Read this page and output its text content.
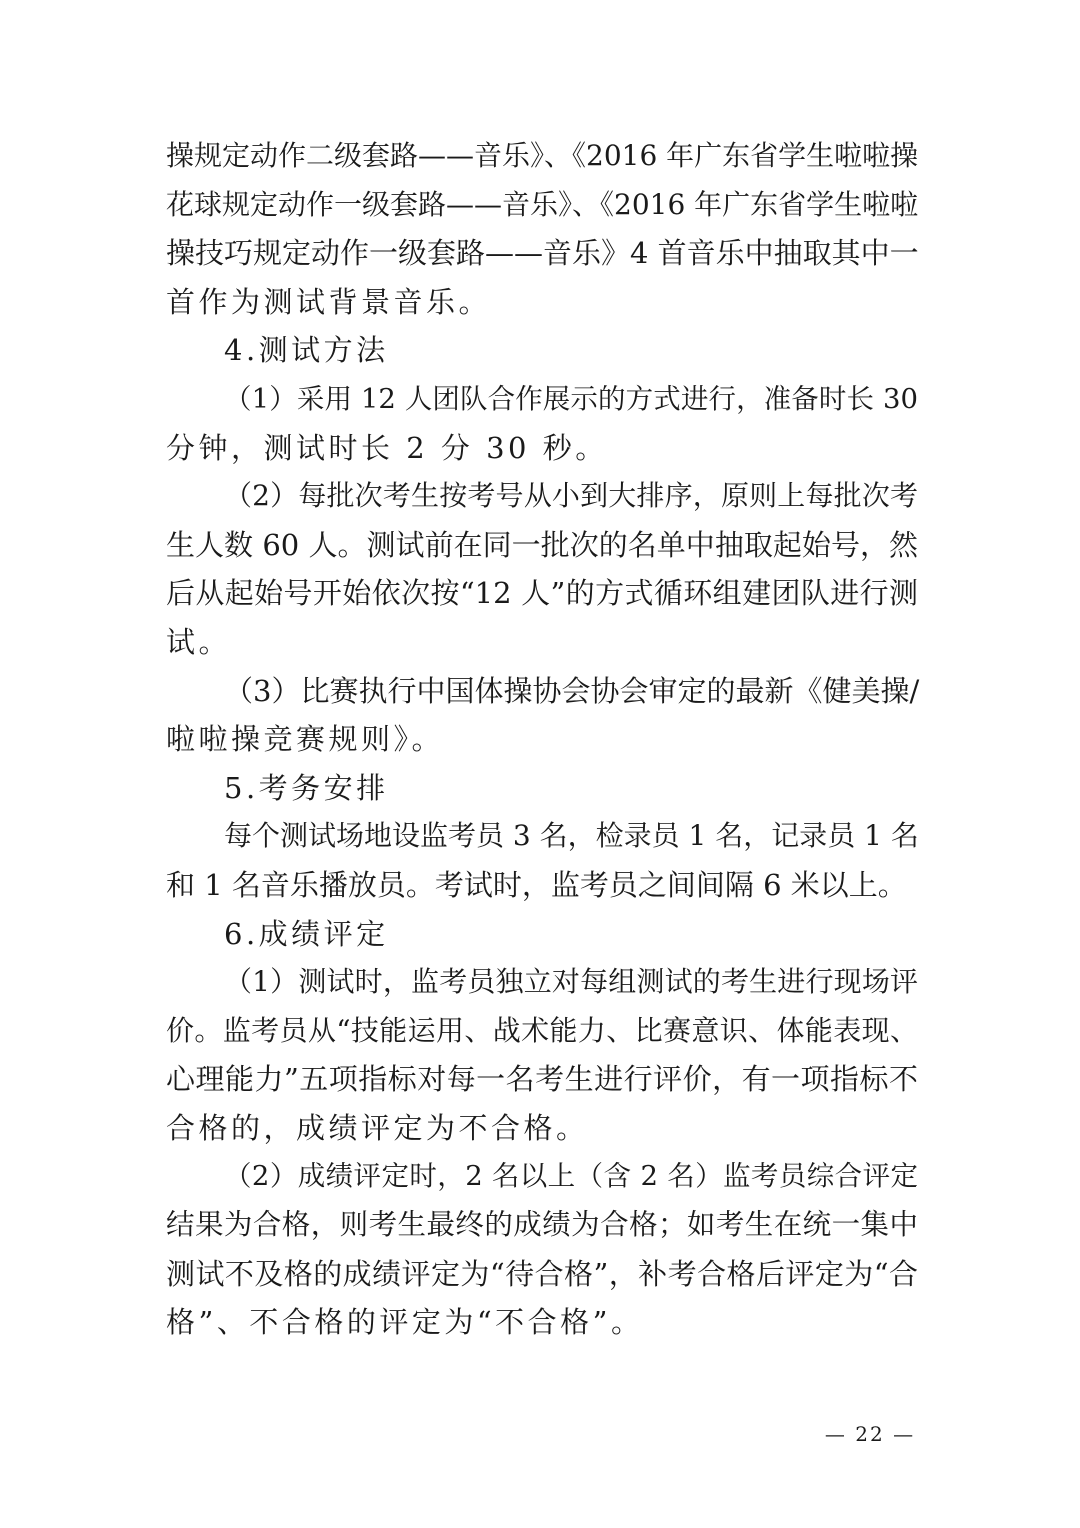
操规定动作二级套路——音乐》、《2016 年广东省学生啦啦操
花球规定动作一级套路——音乐》、《2016 年广东省学生啦啦
操技巧规定动作一级套路——音乐》4 首音乐中抽取其中一
首作为测试背景音乐。
4.测试方法
（1）采用 12 人团队合作展示的方式进行，准备时长 30
分钟，测试时长 2 分 30 秒。
（2）每批次考生按考号从小到大排序，原则上每批次考
生人数 60 人。测试前在同一批次的名单中抽取起始号，然
后从起始号开始依次按“12 人”的方式循环组建团队进行测
试。
（3）比赛执行中国体操协会协会审定的最新《健美操/
啦啦操竞赛规则》。
5.考务安排
每个测试场地设监考员 3 名，检录员 1 名，记录员 1 名
和 1 名音乐播放员。考试时，监考员之间间隔 6 米以上。
6.成绩评定
（1）测试时，监考员独立对每组测试的考生进行现场评
价。监考员从“技能运用、战术能力、比赛意识、体能表现、
心理能力”五项指标对每一名考生进行评价，有一项指标不
合格的，成绩评定为不合格。
（2）成绩评定时，2 名以上（含 2 名）监考员综合评定
结果为合格，则考生最终的成绩为合格；如考生在统一集中
测试不及格的成绩评定为“待合格”，补考合格后评定为“合
格”、不合格的评定为“不合格”。
— 22 —
